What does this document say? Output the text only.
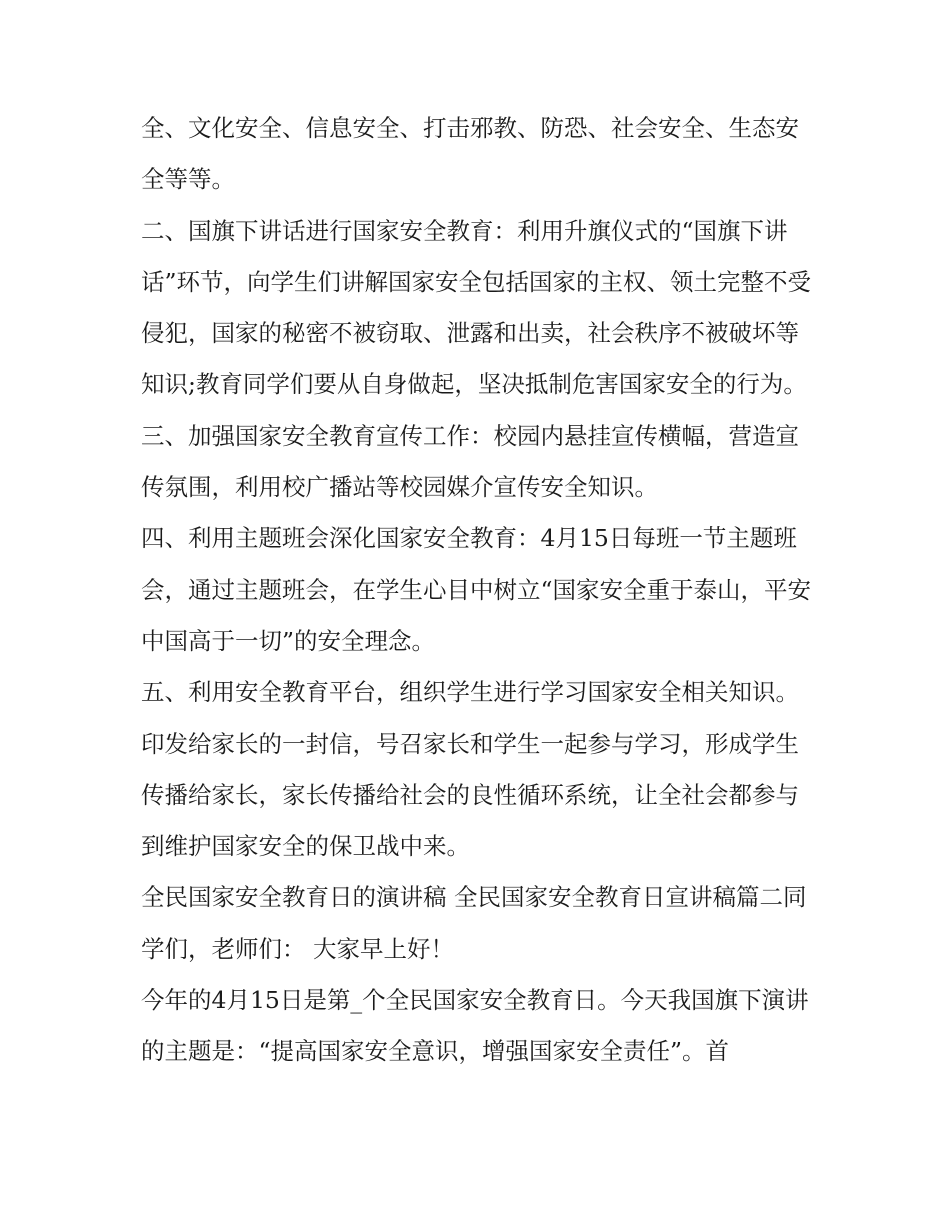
全、文化安全、信息安全、打击邪教、防恐、社会安全、生态安全等等。

二、国旗下讲话进行国家安全教育：利用升旗仪式的“国旗下讲话”环节，向学生们讲解国家安全包括国家的主权、领土完整不受侵犯，国家的秘密不被窃取、泄露和出卖，社会秩序不被破坏等知识;教育同学们要从自身做起，坚决抵制危害国家安全的行为。

三、加强国家安全教育宣传工作：校园内悬挂宣传横幅，营造宣传氛围，利用校广播站等校园媒介宣传安全知识。

四、利用主题班会深化国家安全教育：4月15日每班一节主题班会，通过主题班会，在学生心目中树立“国家安全重于泰山，平安中国高于一切”的安全理念。

五、利用安全教育平台，组织学生进行学习国家安全相关知识。印发给家长的一封信，号召家长和学生一起参与学习，形成学生传播给家长，家长传播给社会的良性循环系统，让全社会都参与到维护国家安全的保卫战中来。

全民国家安全教育日的演讲稿 全民国家安全教育日宣讲稿篇二同学们，老师们： 大家早上好！

今年的4月15日是第_个全民国家安全教育日。今天我国旗下演讲的主题是：“提高国家安全意识，增强国家安全责任”。首
